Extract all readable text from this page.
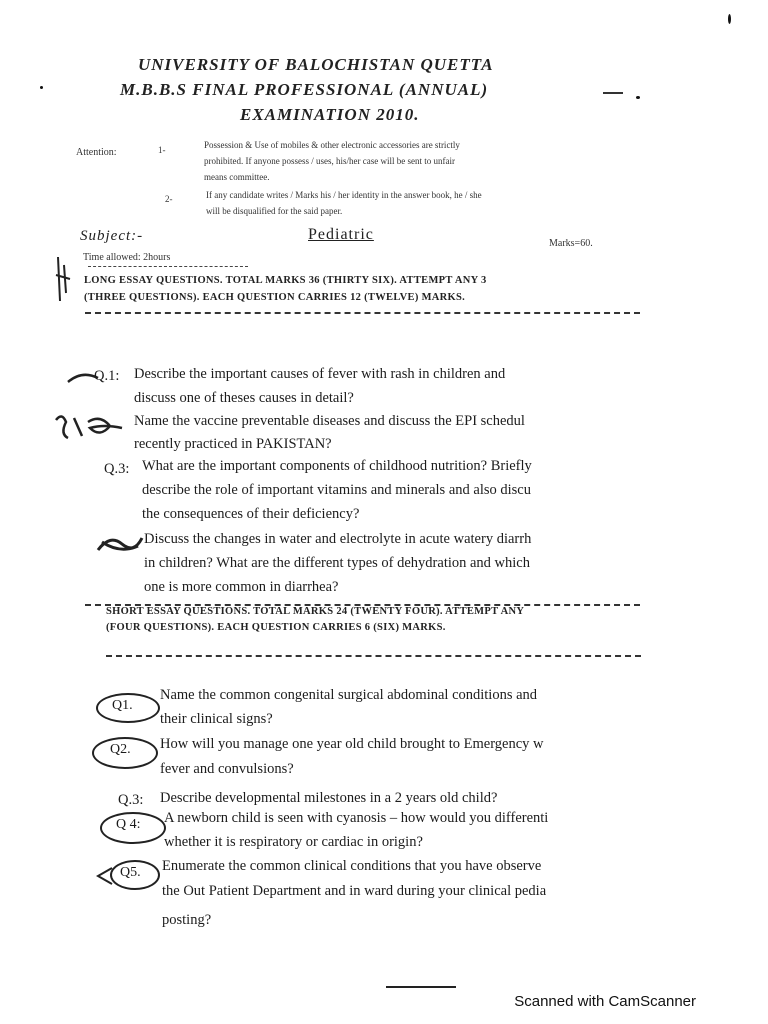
UNIVERSITY OF BALOCHISTAN QUETTA
M.B.B.S FINAL PROFESSIONAL (ANNUAL)
EXAMINATION 2010.
Attention:	1-	Possession & Use of mobiles & other electronic accessories are strictly
prohibited. If anyone possess / uses, his/her case will be sent to unfair
means committee.
2-	If any candidate writes / Marks his / her identity in the answer book, he / she
will be disqualified for the said paper.
Subject:-	Pediatric
Marks=60.
Time allowed: 2hours
LONG ESSAY QUESTIONS. TOTAL MARKS 36 (THIRTY SIX). ATTEMPT ANY 3
(THREE QUESTIONS). EACH QUESTION CARRIES 12 (TWELVE) MARKS.
Q.1: Describe the important causes of fever with rash in children and
discuss one of theses causes in detail?
Name the vaccine preventable diseases and discuss the EPI schedul
recently practiced in PAKISTAN?
Q.3: What are the important components of childhood nutrition? Briefly
describe the role of important vitamins and minerals and also discu
the consequences of their deficiency?
Discuss the changes in water and electrolyte in acute watery diarrh
in children? What are the different types of dehydration and which
one is more common in diarrhea?
SHORT ESSAY QUESTIONS. TOTAL MARKS 24 (TWENTY FOUR). ATTEMPT ANY
(FOUR QUESTIONS). EACH QUESTION CARRIES 6 (SIX) MARKS.
Q1.
Name the common congenital surgical abdominal conditions and
their clinical signs?
Q2. How will you manage one year old child brought to Emergency w
fever and convulsions?
Q.3: Describe developmental milestones in a 2 years old child?
Q 4: A newborn child is seen with cyanosis – how would you differenti
whether it is respiratory or cardiac in origin?
Q5. Enumerate the common clinical conditions that you have observe
the Out Patient Department and in ward during your clinical pedia
posting?
Scanned with CamScanner
